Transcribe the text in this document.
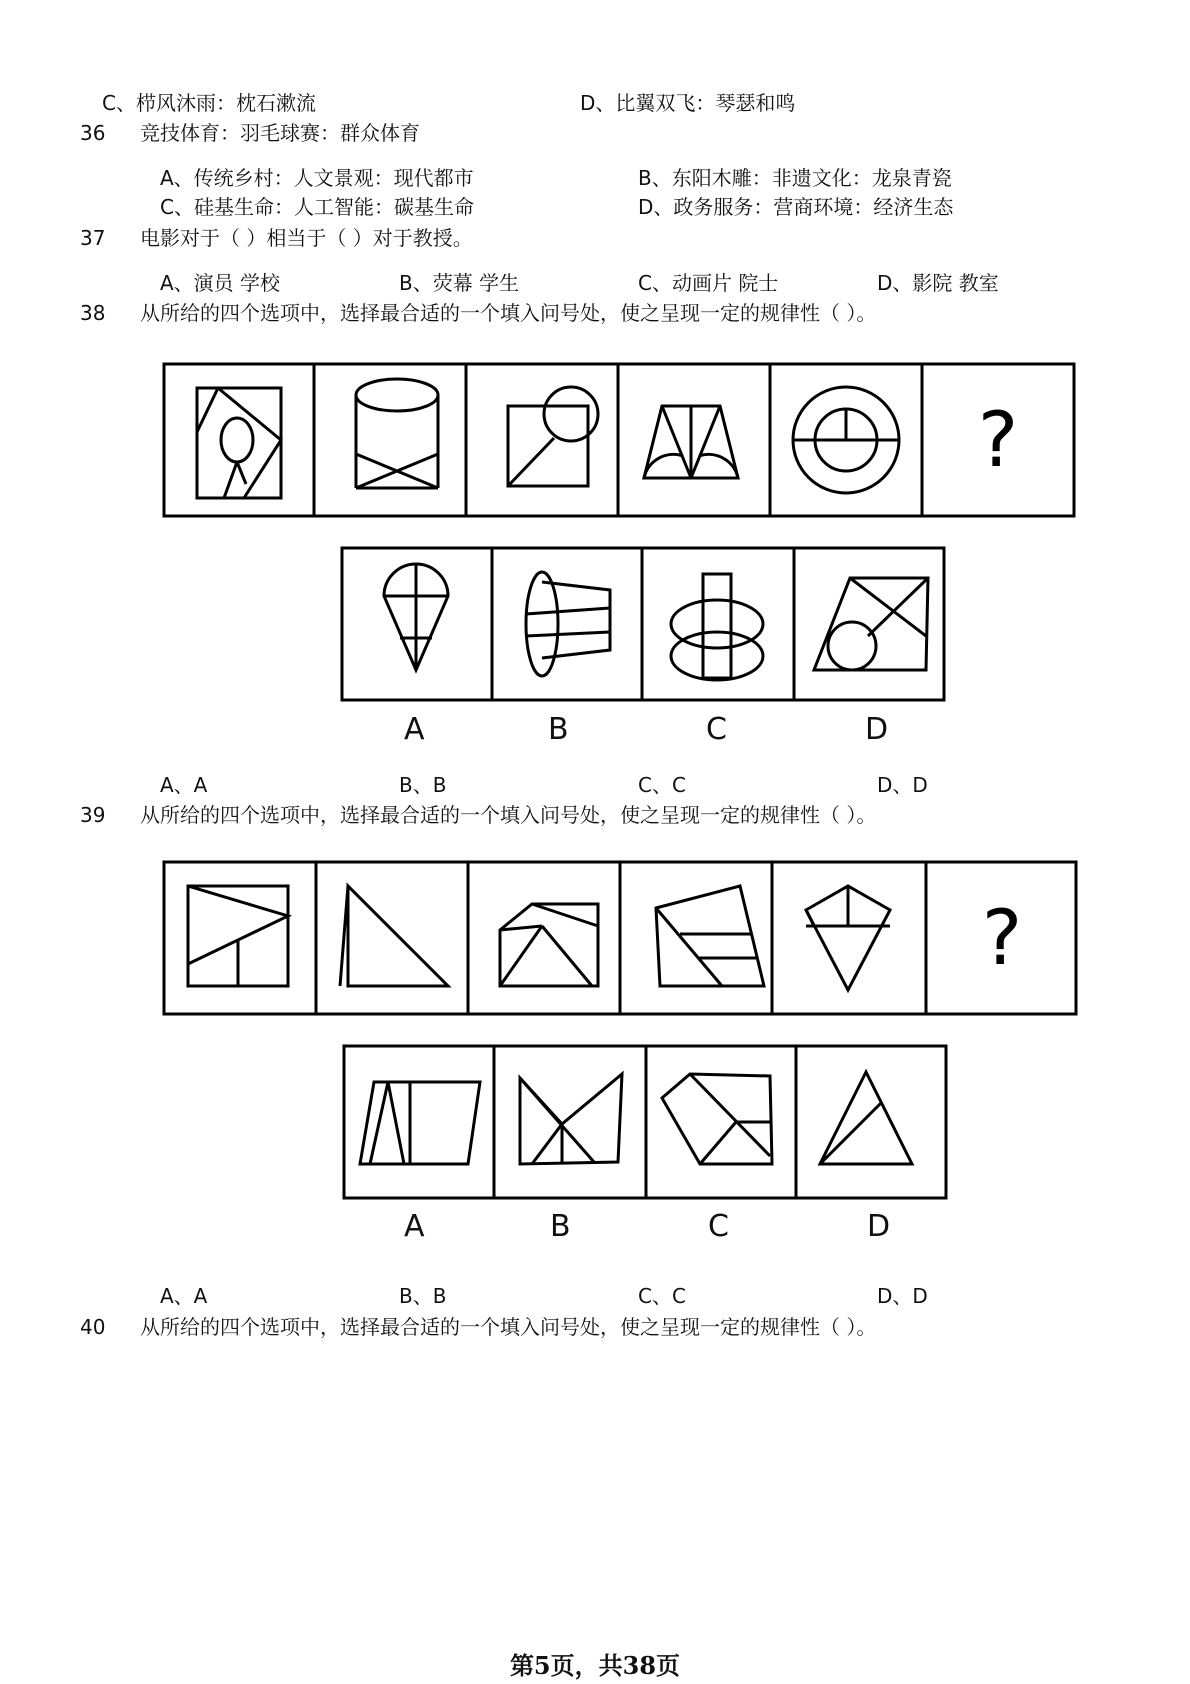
C、栉风沐雨：枕石漱流	D、比翼双飞：琴瑟和鸣
36 竞技体育：羽毛球赛：群众体育
A、传统乡村：人文景观：现代都市	B、东阳木雕：非遗文化：龙泉青瓷
C、硅基生命：人工智能：碳基生命	D、政务服务：营商环境：经济生态
37 电影对于（ ）相当于（ ）对于教授。
A、演员 学校	B、荧幕 学生	C、动画片 院士	D、影院 教室
38 从所给的四个选项中，选择最合适的一个填入问号处，使之呈现一定的规律性（ ）。
?
A	B	C	D
A、A	B、B	C、C	D、D
39 从所给的四个选项中，选择最合适的一个填入问号处，使之呈现一定的规律性（ ）。
?
A	B	C	D
A、A	B、B	C、C	D、D
40 从所给的四个选项中，选择最合适的一个填入问号处，使之呈现一定的规律性（ ）。
第5页，共38页
